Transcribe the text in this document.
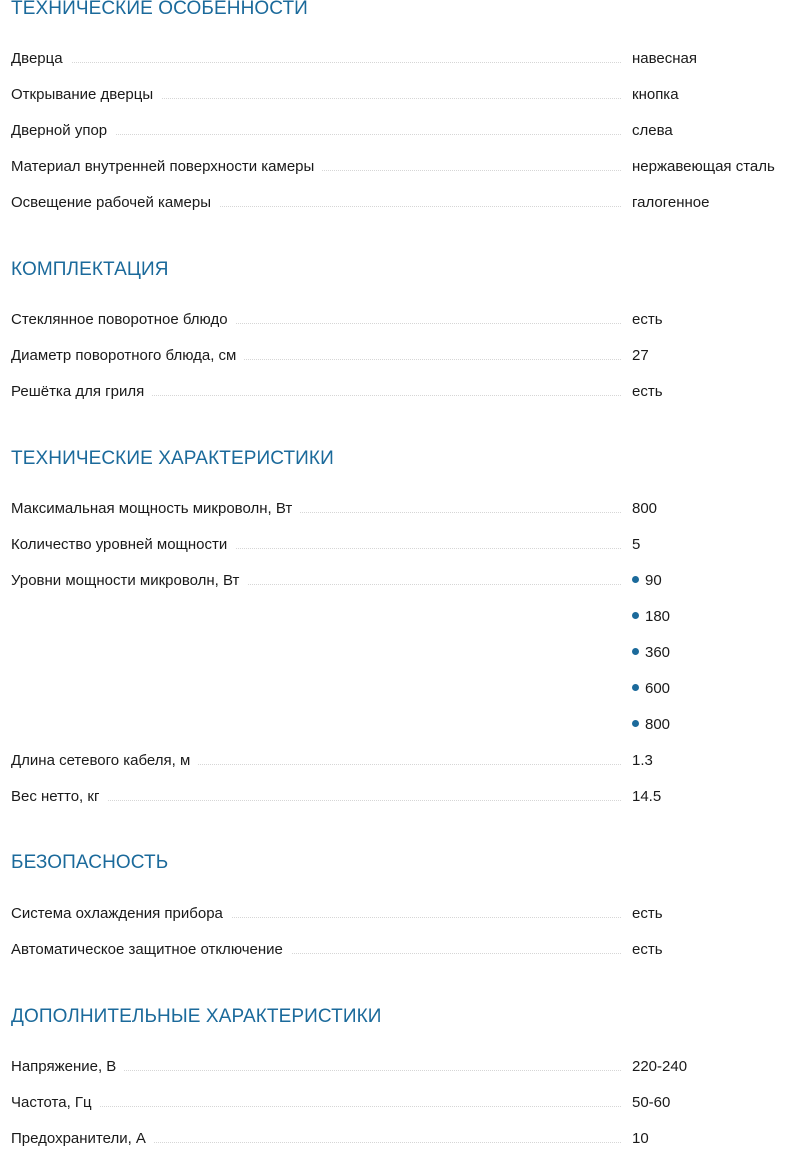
ТЕХНИЧЕСКИЕ ОСОБЕННОСТИ
Дверца	навесная
Открывание дверцы	кнопка
Дверной упор	слева
Материал внутренней поверхности камеры	нержавеющая сталь
Освещение рабочей камеры	галогенное
КОМПЛЕКТАЦИЯ
Стеклянное поворотное блюдо	есть
Диаметр поворотного блюда, см	27
Решётка для гриля	есть
ТЕХНИЧЕСКИЕ ХАРАКТЕРИСТИКИ
Максимальная мощность микроволн, Вт	800
Количество уровней мощности	5
Уровни мощности микроволн, Вт	90
180
360
600
800
Длина сетевого кабеля, м	1.3
Вес нетто, кг	14.5
БЕЗОПАСНОСТЬ
Система охлаждения прибора	есть
Автоматическое защитное отключение	есть
ДОПОЛНИТЕЛЬНЫЕ ХАРАКТЕРИСТИКИ
Напряжение, В	220-240
Частота, Гц	50-60
Предохранители, А	10
